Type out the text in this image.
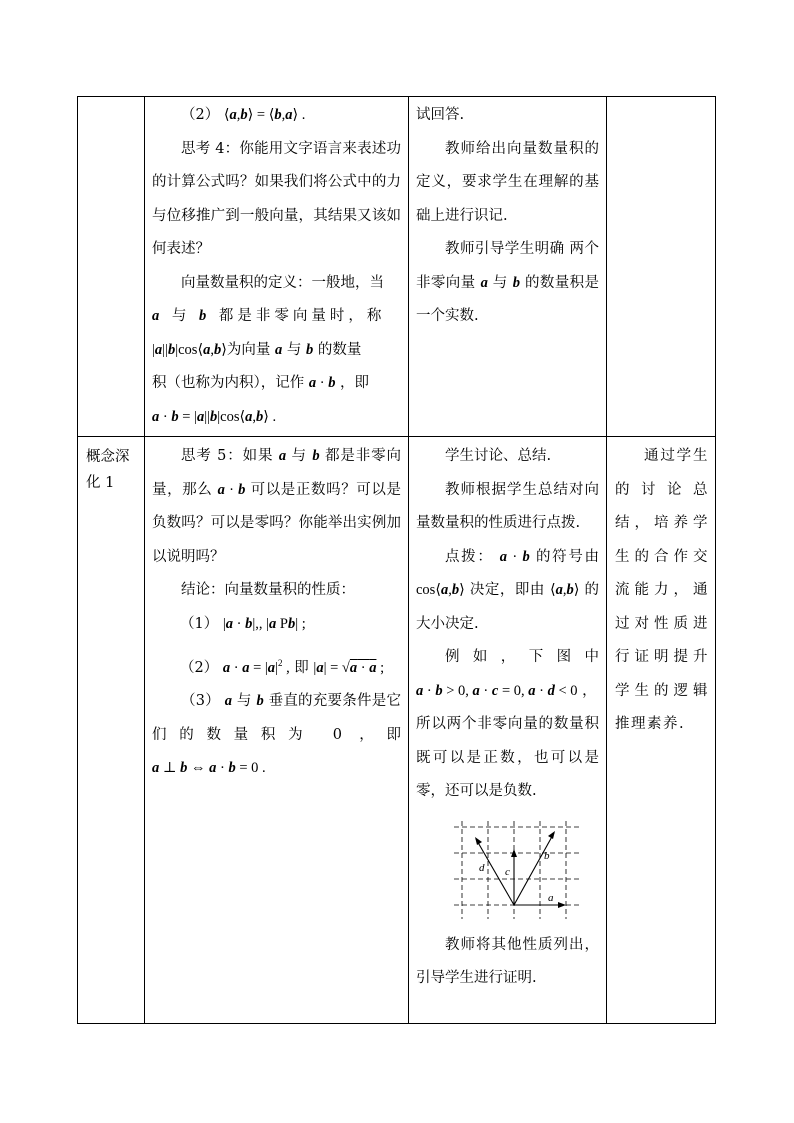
（2） ⟨a,b⟩ = ⟨b,a⟩ .

思考 4：你能用文字语言来表述功的计算公式吗？如果我们将公式中的力与位移推广到一般向量，其结果又该如何表述？

向量数量积的定义：一般地，当

a 与 b 都是非零向量时，称

|a||b|cos⟨a,b⟩为向量 a 与 b 的数量

积（也称为内积），记作 a · b ，即

a · b = |a||b|cos⟨a,b⟩ .

试回答.

教师给出向量数量积的定义，要求学生在理解的基础上进行识记.

教师引导学生明确 两个非零向量 a 与 b 的数量积是一个实数.

概念深化 1

思考 5：如果 a 与 b 都是非零向量，那么 a · b 可以是正数吗？可以是负数吗？可以是零吗？你能举出实例加以说明吗？

结论：向量数量积的性质：

（1） |a · b|,, |a Pb| ;

（2） $a \cdot a = |a|^2$ , 即 |a| = √a · a ;

（3） a 与 b 垂直的充要条件是它们的数量积为 0 ，即 a ⊥ b ⇔ a · b = 0 .

学生讨论、总结.

教师根据学生总结对向量数量积的性质进行点拨.

点拨： a · b 的符号由 cos⟨a,b⟩ 决定，即由 ⟨a,b⟩ 的大小决定.

例如，下图中 a · b > 0, a · c = 0, a · d < 0 ，

所以两个非零向量的数量积既可以是正数，也可以是零，还可以是负数.

a
b
c
d

教师将其他性质列出，引导学生进行证明.

通过学生的讨论总结，培养学生的合作交流能力，通过对性质进行证明提升学生的逻辑推理素养.
